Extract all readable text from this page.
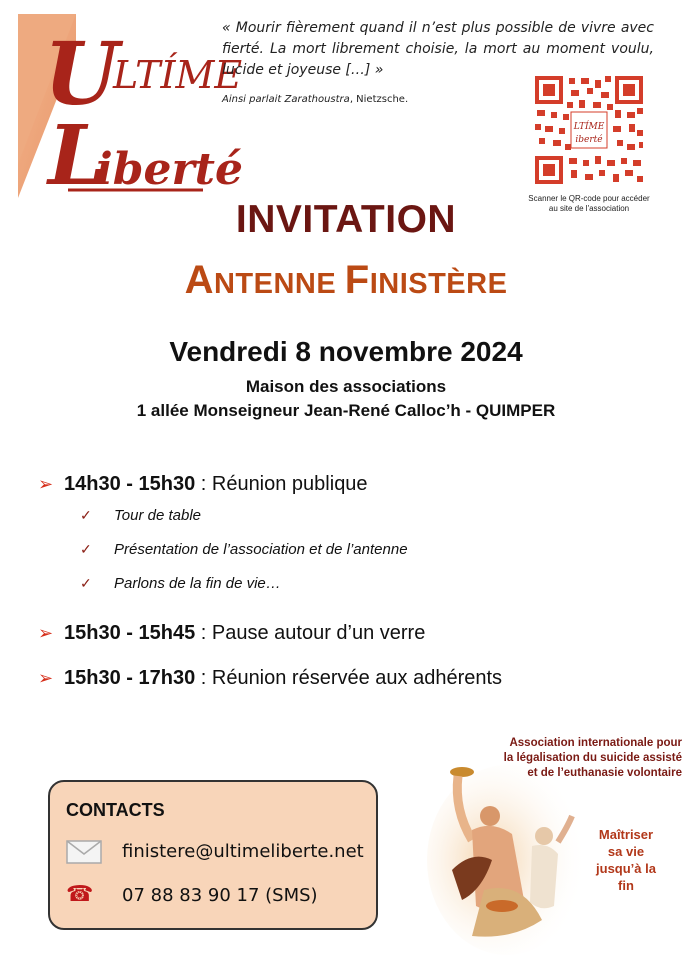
U
LTÍME
L
iberté
« Mourir fièrement quand il n’est plus possible de vivre avec fierté. La mort librement choisie, la mort au moment voulu, lucide et joyeuse […] »
Ainsi parlait Zarathoustra, Nietzsche.
LTÍME
iberté
Scanner le QR-code pour accéder au site de l'association
INVITATION
ANTENNE FINISTÈRE
Vendredi 8 novembre 2024
Maison des associations
1 allée Monseigneur Jean-René Calloc’h - QUIMPER
➢ 14h30 - 15h30 : Réunion publique
✓ Tour de table
✓ Présentation de l’association et de l’antenne
✓ Parlons de la fin de vie…
➢ 15h30 - 15h45 : Pause autour d’un verre
➢ 15h30 - 17h30 : Réunion réservée aux adhérents
Association internationale pour
la légalisation du suicide assisté
et de l’euthanasie volontaire
Maîtriser
sa vie
jusqu’à la
fin
CONTACTS
finistere@ultimeliberte.net
☎ 07 88 83 90 17 (SMS)
